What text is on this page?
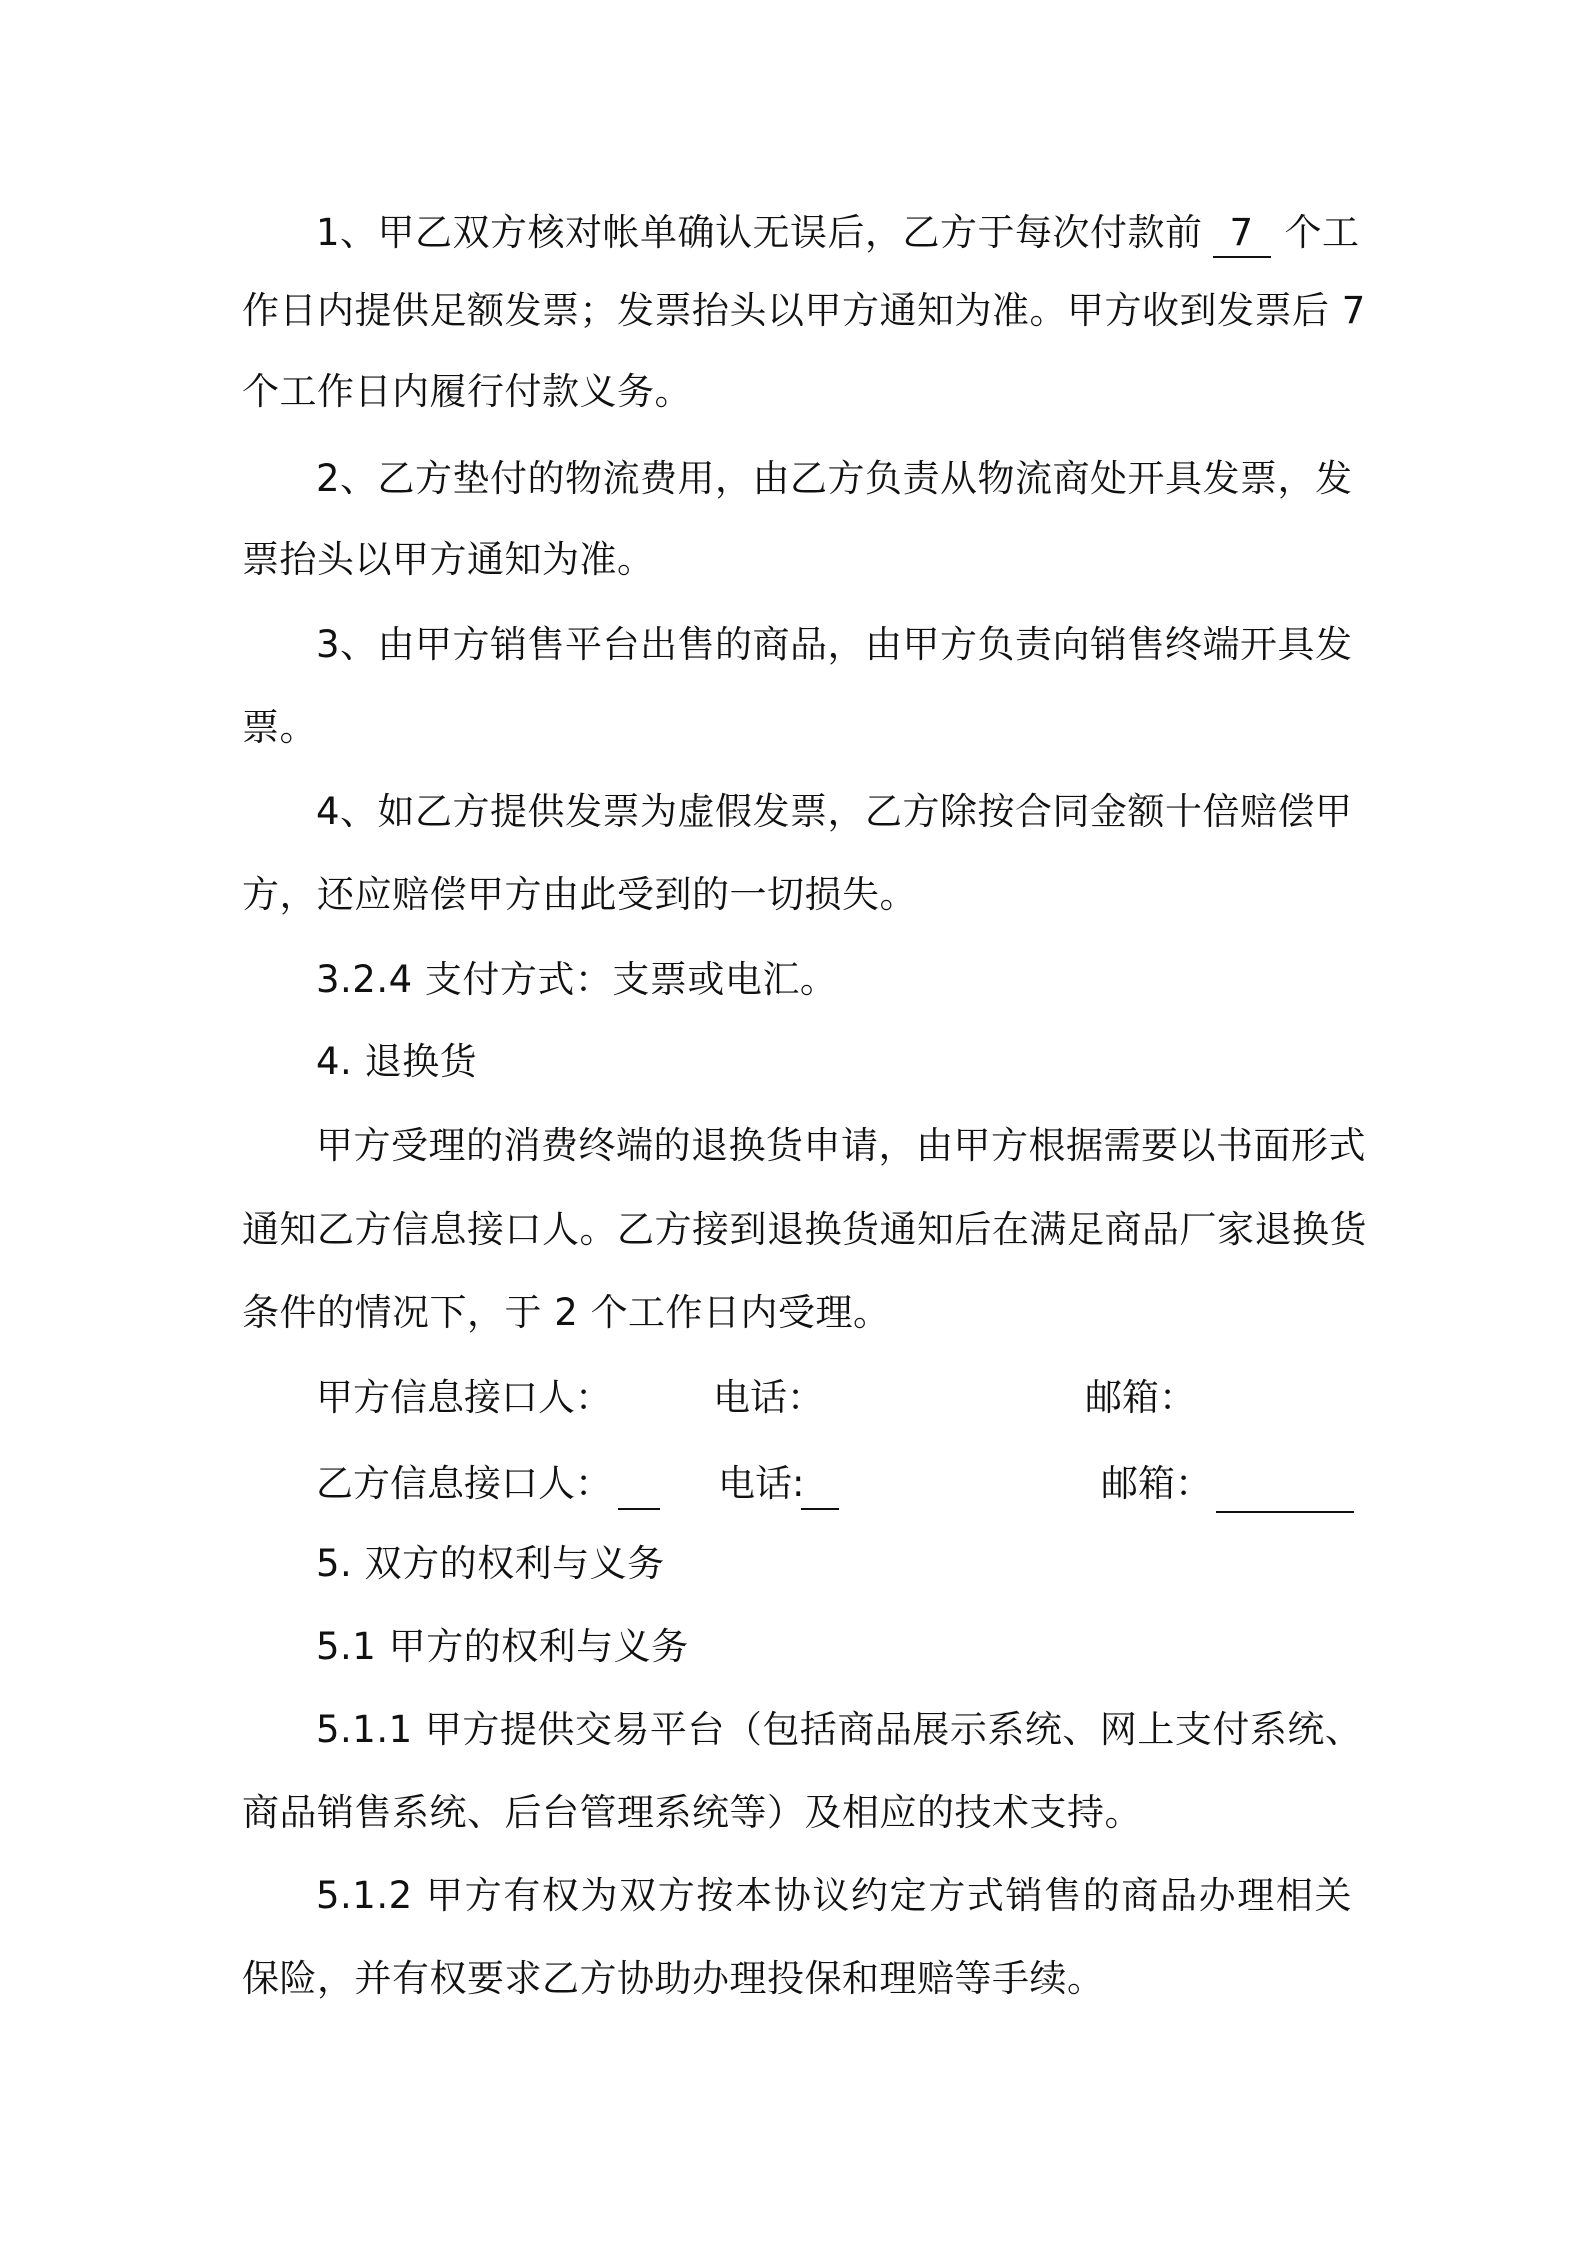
1、甲乙双方核对帐单确认无误后，乙方于每次付款前 7 个工
作日内提供足额发票；发票抬头以甲方通知为准。甲方收到发票后 7
个工作日内履行付款义务。
2、乙方垫付的物流费用，由乙方负责从物流商处开具发票，发
票抬头以甲方通知为准。
3、由甲方销售平台出售的商品，由甲方负责向销售终端开具发
票。
4、如乙方提供发票为虚假发票，乙方除按合同金额十倍赔偿甲
方，还应赔偿甲方由此受到的一切损失。
3.2.4 支付方式：支票或电汇。
4. 退换货
甲方受理的消费终端的退换货申请，由甲方根据需要以书面形式
通知乙方信息接口人。乙方接到退换货通知后在满足商品厂家退换货
条件的情况下，于 2 个工作日内受理。
甲方信息接口人：	电话：	邮箱：
乙方信息接口人：	电话:	邮箱：
5. 双方的权利与义务
5.1 甲方的权利与义务
5.1.1 甲方提供交易平台（包括商品展示系统、网上支付系统、
商品销售系统、后台管理系统等）及相应的技术支持。
5.1.2 甲方有权为双方按本协议约定方式销售的商品办理相关
保险，并有权要求乙方协助办理投保和理赔等手续。
